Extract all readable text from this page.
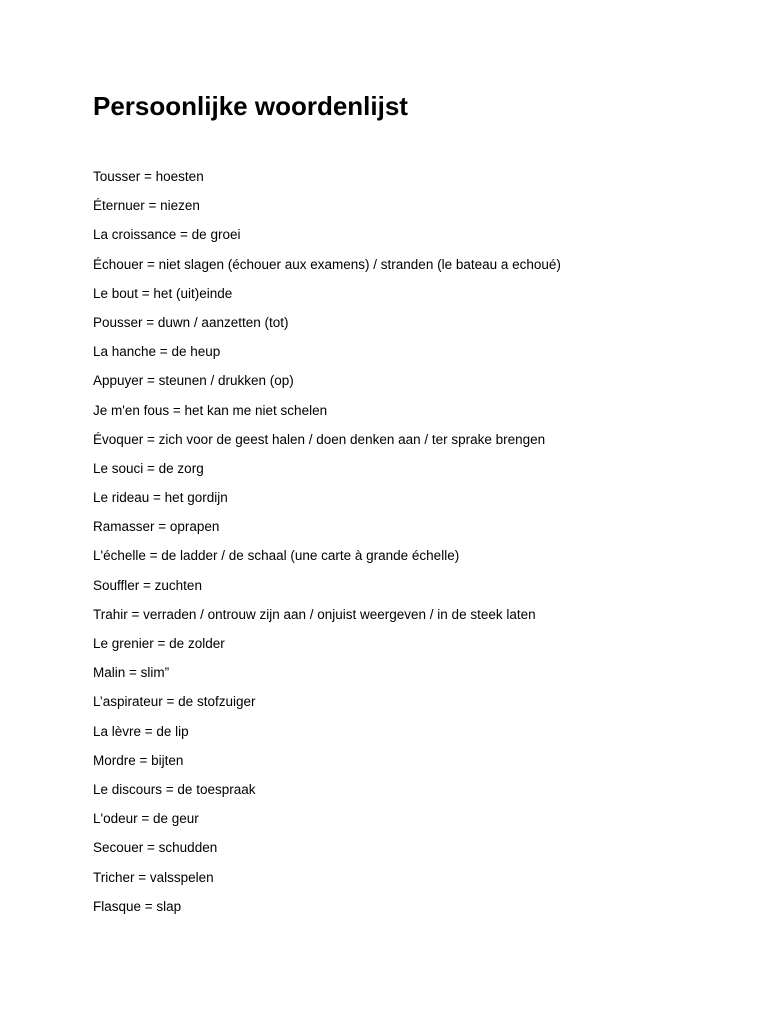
Persoonlijke woordenlijst
Tousser = hoesten
Éternuer = niezen
La croissance = de groei
Échouer = niet slagen (échouer aux examens) / stranden (le bateau a echoué)
Le bout = het (uit)einde
Pousser = duwn / aanzetten (tot)
La hanche = de heup
Appuyer = steunen / drukken (op)
Je m'en fous = het kan me niet schelen
Évoquer = zich voor de geest halen / doen denken aan / ter sprake brengen
Le souci = de zorg
Le rideau = het gordijn
Ramasser = oprapen
L'échelle = de ladder / de schaal (une carte à grande échelle)
Souffler = zuchten
Trahir = verraden / ontrouw zijn aan / onjuist weergeven / in de steek laten
Le grenier = de zolder
Malin = slim”
L’aspirateur = de stofzuiger
La lèvre = de lip
Mordre = bijten
Le discours = de toespraak
L'odeur = de geur
Secouer = schudden
Tricher = valsspelen
Flasque = slap
